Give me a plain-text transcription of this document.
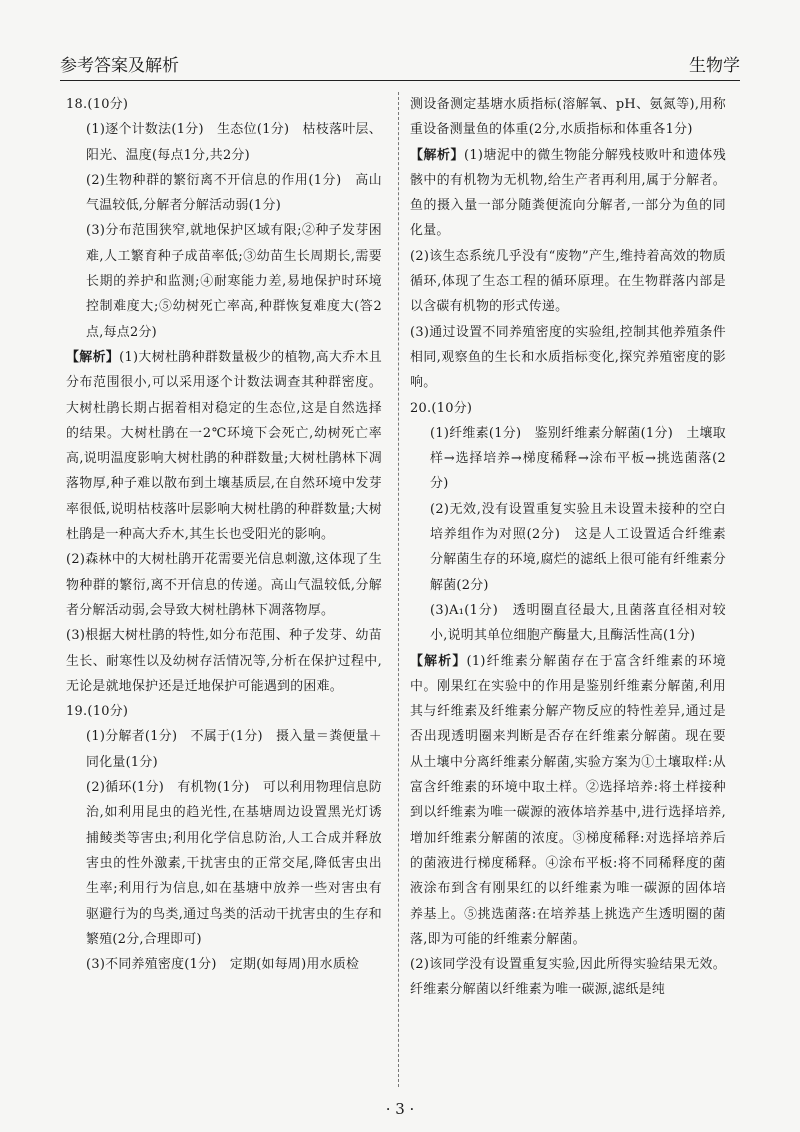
参考答案及解析	生物学

18.(10分)

(1)逐个计数法(1分)　生态位(1分)　枯枝落叶层、阳光、温度(每点1分,共2分)

(2)生物种群的繁衍离不开信息的作用(1分)　高山气温较低,分解者分解活动弱(1分)

(3)分布范围狭窄,就地保护区域有限;②种子发芽困难,人工繁育种子成苗率低;③幼苗生长周期长,需要长期的养护和监测;④耐寒能力差,易地保护时环境控制难度大;⑤幼树死亡率高,种群恢复难度大(答2点,每点2分)

【解析】(1)大树杜鹃种群数量极少的植物,高大乔木且分布范围很小,可以采用逐个计数法调查其种群密度。大树杜鹃长期占据着相对稳定的生态位,这是自然选择的结果。大树杜鹃在一2℃环境下会死亡,幼树死亡率高,说明温度影响大树杜鹃的种群数量;大树杜鹃林下凋落物厚,种子难以散布到土壤基质层,在自然环境中发芽率很低,说明枯枝落叶层影响大树杜鹃的种群数量;大树杜鹃是一种高大乔木,其生长也受阳光的影响。

(2)森林中的大树杜鹃开花需要光信息刺激,这体现了生物种群的繁衍,离不开信息的传递。高山气温较低,分解者分解活动弱,会导致大树杜鹃林下凋落物厚。

(3)根据大树杜鹃的特性,如分布范围、种子发芽、幼苗生长、耐寒性以及幼树存活情况等,分析在保护过程中,无论是就地保护还是迁地保护可能遇到的困难。

19.(10分)

(1)分解者(1分)　不属于(1分)　摄入量＝粪便量＋同化量(1分)

(2)循环(1分)　有机物(1分)　可以利用物理信息防治,如利用昆虫的趋光性,在基塘周边设置黑光灯诱捕鲮类等害虫;利用化学信息防治,人工合成并释放害虫的性外激素,干扰害虫的正常交尾,降低害虫出生率;利用行为信息,如在基塘中放养一些对害虫有驱避行为的鸟类,通过鸟类的活动干扰害虫的生存和繁殖(2分,合理即可)

(3)不同养殖密度(1分)　定期(如每周)用水质检

测设备测定基塘水质指标(溶解氧、pH、氨氮等),用称重设备测量鱼的体重(2分,水质指标和体重各1分)

【解析】(1)塘泥中的微生物能分解残枝败叶和遗体残骸中的有机物为无机物,给生产者再利用,属于分解者。鱼的摄入量一部分随粪便流向分解者,一部分为鱼的同化量。

(2)该生态系统几乎没有“废物”产生,维持着高效的物质循环,体现了生态工程的循环原理。在生物群落内部是以含碳有机物的形式传递。

(3)通过设置不同养殖密度的实验组,控制其他养殖条件相同,观察鱼的生长和水质指标变化,探究养殖密度的影响。

20.(10分)

(1)纤维素(1分)　鉴别纤维素分解菌(1分)　土壤取样→选择培养→梯度稀释→涂布平板→挑选菌落(2分)

(2)无效,没有设置重复实验且未设置未接种的空白培养组作为对照(2分)　这是人工设置适合纤维素分解菌生存的环境,腐烂的滤纸上很可能有纤维素分解菌(2分)

(3)A₁(1分)　透明圈直径最大,且菌落直径相对较小,说明其单位细胞产酶量大,且酶活性高(1分)

【解析】(1)纤维素分解菌存在于富含纤维素的环境中。刚果红在实验中的作用是鉴别纤维素分解菌,利用其与纤维素及纤维素分解产物反应的特性差异,通过是否出现透明圈来判断是否存在纤维素分解菌。现在要从土壤中分离纤维素分解菌,实验方案为①土壤取样:从富含纤维素的环境中取土样。②选择培养:将土样接种到以纤维素为唯一碳源的液体培养基中,进行选择培养,增加纤维素分解菌的浓度。③梯度稀释:对选择培养后的菌液进行梯度稀释。④涂布平板:将不同稀释度的菌液涂布到含有刚果红的以纤维素为唯一碳源的固体培养基上。⑤挑选菌落:在培养基上挑选产生透明圈的菌落,即为可能的纤维素分解菌。

(2)该同学没有设置重复实验,因此所得实验结果无效。纤维素分解菌以纤维素为唯一碳源,滤纸是纯

· 3 ·
